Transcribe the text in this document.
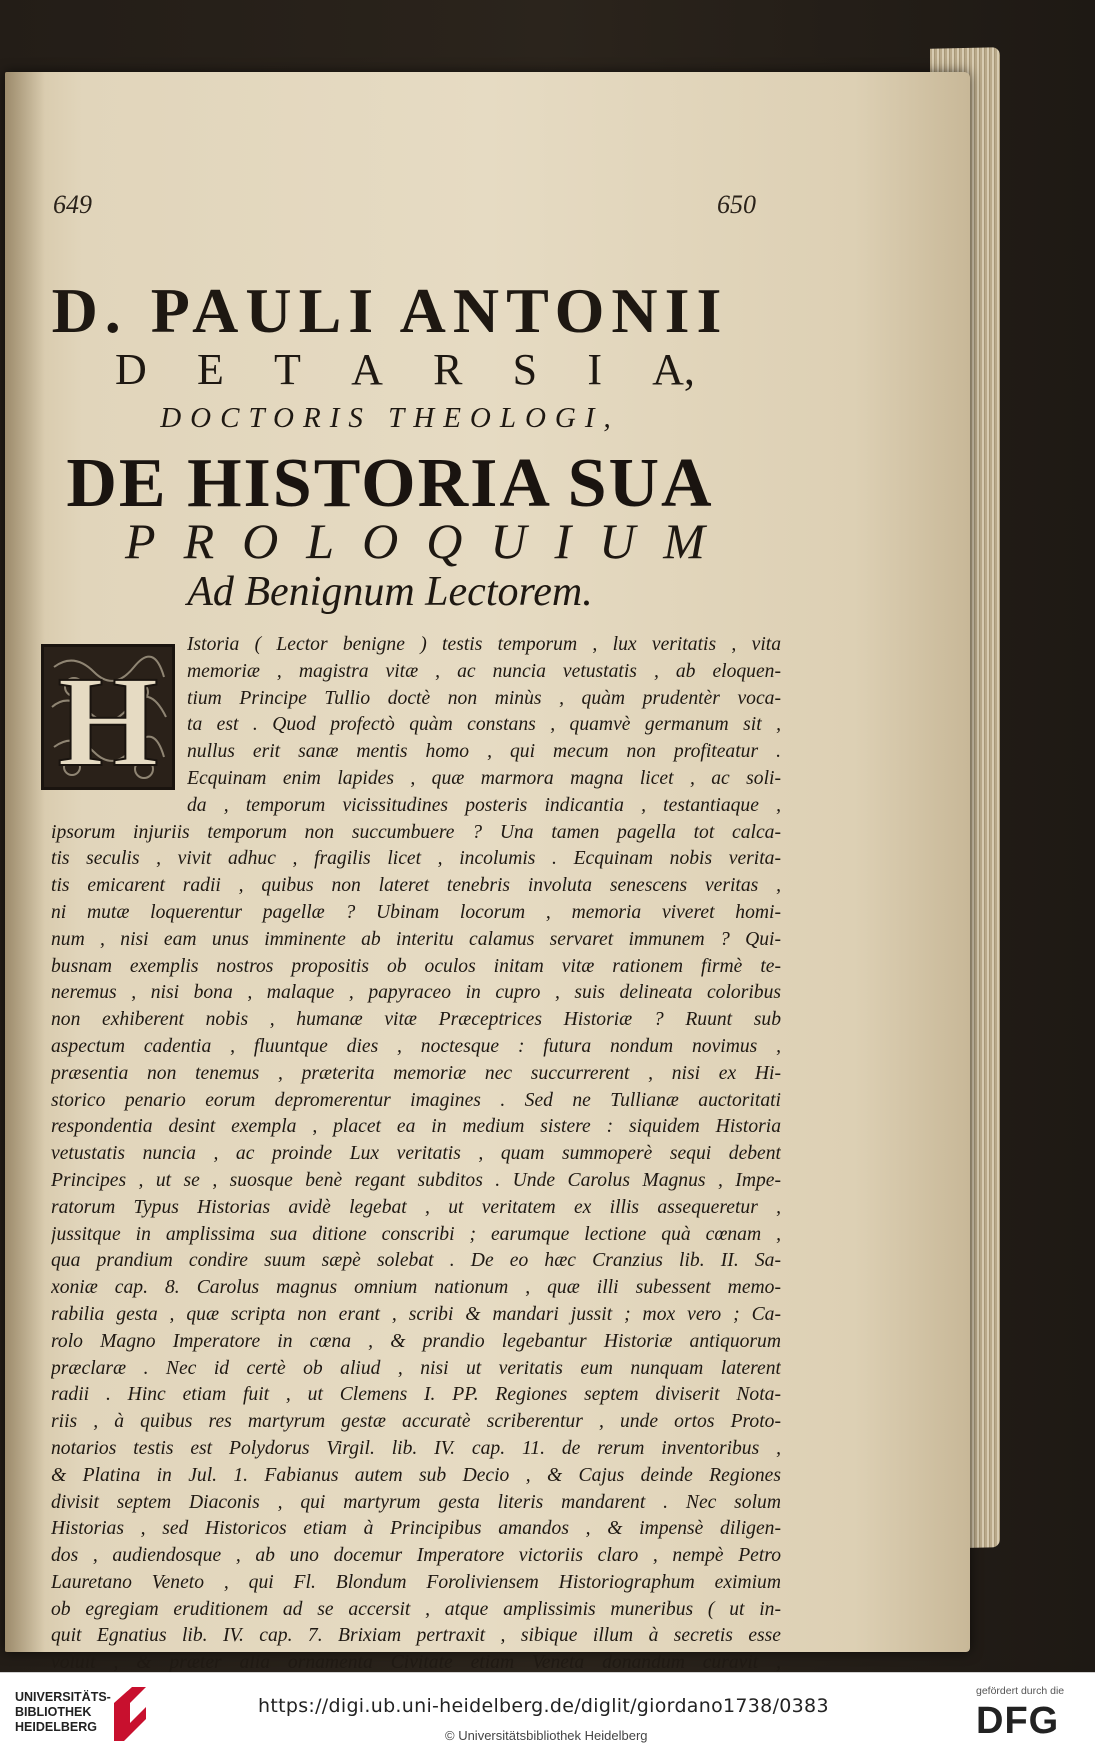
649	650
D. PAULI ANTONII
D E T A R S I A,
DOCTORIS THEOLOGI,
DE HISTORIA SUA
P R O L O Q U I U M
Ad Benignum Lectorem.
H
Istoria ( Lector benigne ) testis temporum , lux veritatis , vita
memoriæ , magistra vitæ , ac nuncia vetustatis , ab eloquen-
tium Principe Tullio doctè non minùs , quàm prudentèr voca-
ta est . Quod profectò quàm constans , quamvè germanum sit ,
nullus erit sanæ mentis homo , qui mecum non profiteatur .
Ecquinam enim lapides , quæ marmora magna licet , ac soli-
da , temporum vicissitudines posteris indicantia , testantiaque ,
ipsorum injuriis temporum non succumbuere ? Una tamen pagella tot calca-
tis seculis , vivit adhuc , fragilis licet , incolumis . Ecquinam nobis verita-
tis emicarent radii , quibus non lateret tenebris involuta senescens veritas ,
ni mutæ loquerentur pagellæ ? Ubinam locorum , memoria viveret homi-
num , nisi eam unus imminente ab interitu calamus servaret immunem ? Qui-
busnam exemplis nostros propositis ob oculos initam vitæ rationem firmè te-
neremus , nisi bona , malaque , papyraceo in cupro , suis delineata coloribus
non exhiberent nobis , humanæ vitæ Præceptrices Historiæ ? Ruunt sub
aspectum cadentia , fluuntque dies , noctesque : futura nondum novimus ,
præsentia non tenemus , præterita memoriæ nec succurrerent , nisi ex Hi-
storico penario eorum depromerentur imagines . Sed ne Tullianæ auctoritati
respondentia desint exempla , placet ea in medium sistere : siquidem Historia
vetustatis nuncia , ac proinde Lux veritatis , quam summoperè sequi debent
Principes , ut se , suosque benè regant subditos . Unde Carolus Magnus , Impe-
ratorum Typus Historias avidè legebat , ut veritatem ex illis assequeretur ,
jussitque in amplissima sua ditione conscribi ; earumque lectione quà cœnam ,
qua prandium condire suum sæpè solebat . De eo hæc Cranzius lib. II. Sa-
xoniæ cap. 8. Carolus magnus omnium nationum , quæ illi subessent memo-
rabilia gesta , quæ scripta non erant , scribi & mandari jussit ; mox vero ; Ca-
rolo Magno Imperatore in cœna , & prandio legebantur Historiæ antiquorum
præclaræ . Nec id certè ob aliud , nisi ut veritatis eum nunquam laterent
radii . Hinc etiam fuit , ut Clemens I. PP. Regiones septem diviserit Nota-
riis , à quibus res martyrum gestæ accuratè scriberentur , unde ortos Proto-
notarios testis est Polydorus Virgil. lib. IV. cap. 11. de rerum inventoribus ,
& Platina in Jul. 1. Fabianus autem sub Decio , & Cajus deinde Regiones
divisit septem Diaconis , qui martyrum gesta literis mandarent . Nec solum
Historias , sed Historicos etiam à Principibus amandos , & impensè diligen-
dos , audiendosque , ab uno docemur Imperatore victoriis claro , nempè Petro
Lauretano Veneto , qui Fl. Blondum Foroliviensem Historiographum eximium
ob egregiam eruditionem ad se accersit , atque amplissimis muneribus ( ut in-
quit Egnatius lib. IV. cap. 7. Brixiam pertraxit , sibique illum à secretis esse
voluit , & præter alia ornamenta Civitate etiam Veneta donandum curavit ,
UNIVERSITÄTS-
BIBLIOTHEK
HEIDELBERG
https://digi.ub.uni-heidelberg.de/diglit/giordano1738/0383
© Universitätsbibliothek Heidelberg
gefördert durch die
DFG
